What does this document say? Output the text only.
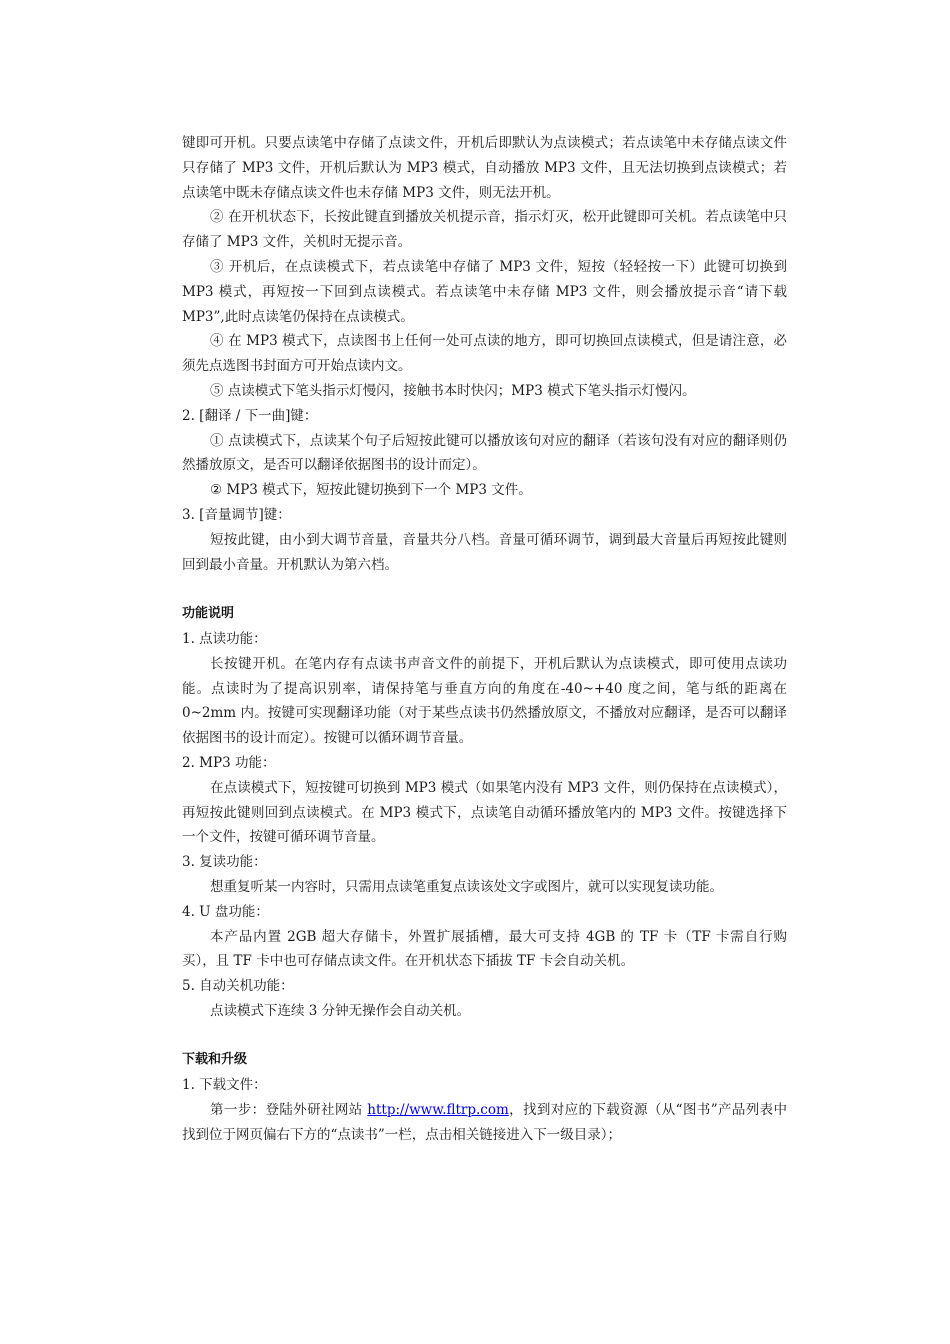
键即可开机。只要点读笔中存储了点读文件，开机后即默认为点读模式；若点读笔中未存储点读文件只存储了 MP3 文件，开机后默认为 MP3 模式，自动播放 MP3 文件，且无法切换到点读模式；若点读笔中既未存储点读文件也未存储 MP3 文件，则无法开机。

② 在开机状态下，长按此键直到播放关机提示音，指示灯灭，松开此键即可关机。若点读笔中只存储了 MP3 文件，关机时无提示音。

③ 开机后，在点读模式下，若点读笔中存储了 MP3 文件，短按（轻轻按一下）此键可切换到 MP3 模式，再短按一下回到点读模式。若点读笔中未存储 MP3 文件，则会播放提示音“请下载 MP3”,此时点读笔仍保持在点读模式。

④ 在 MP3 模式下，点读图书上任何一处可点读的地方，即可切换回点读模式，但是请注意，必须先点选图书封面方可开始点读内文。

⑤ 点读模式下笔头指示灯慢闪，接触书本时快闪；MP3 模式下笔头指示灯慢闪。

2. [翻译 / 下一曲]键：

① 点读模式下，点读某个句子后短按此键可以播放该句对应的翻译（若该句没有对应的翻译则仍然播放原文，是否可以翻译依据图书的设计而定）。

② MP3 模式下，短按此键切换到下一个 MP3 文件。

3. [音量调节]键：

短按此键，由小到大调节音量，音量共分八档。音量可循环调节，调到最大音量后再短按此键则回到最小音量。开机默认为第六档。

功能说明

1. 点读功能：

长按键开机。在笔内存有点读书声音文件的前提下，开机后默认为点读模式，即可使用点读功能。点读时为了提高识别率，请保持笔与垂直方向的角度在-40~+40 度之间，笔与纸的距离在 0~2mm 内。按键可实现翻译功能（对于某些点读书仍然播放原文，不播放对应翻译，是否可以翻译依据图书的设计而定）。按键可以循环调节音量。

2. MP3 功能：

在点读模式下，短按键可切换到 MP3 模式（如果笔内没有 MP3 文件，则仍保持在点读模式），再短按此键则回到点读模式。在 MP3 模式下，点读笔自动循环播放笔内的 MP3 文件。按键选择下一个文件，按键可循环调节音量。

3. 复读功能：

想重复听某一内容时，只需用点读笔重复点读该处文字或图片，就可以实现复读功能。

4. U 盘功能：

本产品内置 2GB 超大存储卡，外置扩展插槽，最大可支持 4GB 的 TF 卡（TF 卡需自行购买），且 TF 卡中也可存储点读文件。在开机状态下插拔 TF 卡会自动关机。

5. 自动关机功能：

点读模式下连续 3 分钟无操作会自动关机。

下载和升级

1. 下载文件：

第一步：登陆外研社网站 http://www.fltrp.com，找到对应的下载资源（从“图书”产品列表中找到位于网页偏右下方的“点读书”一栏，点击相关链接进入下一级目录）；
